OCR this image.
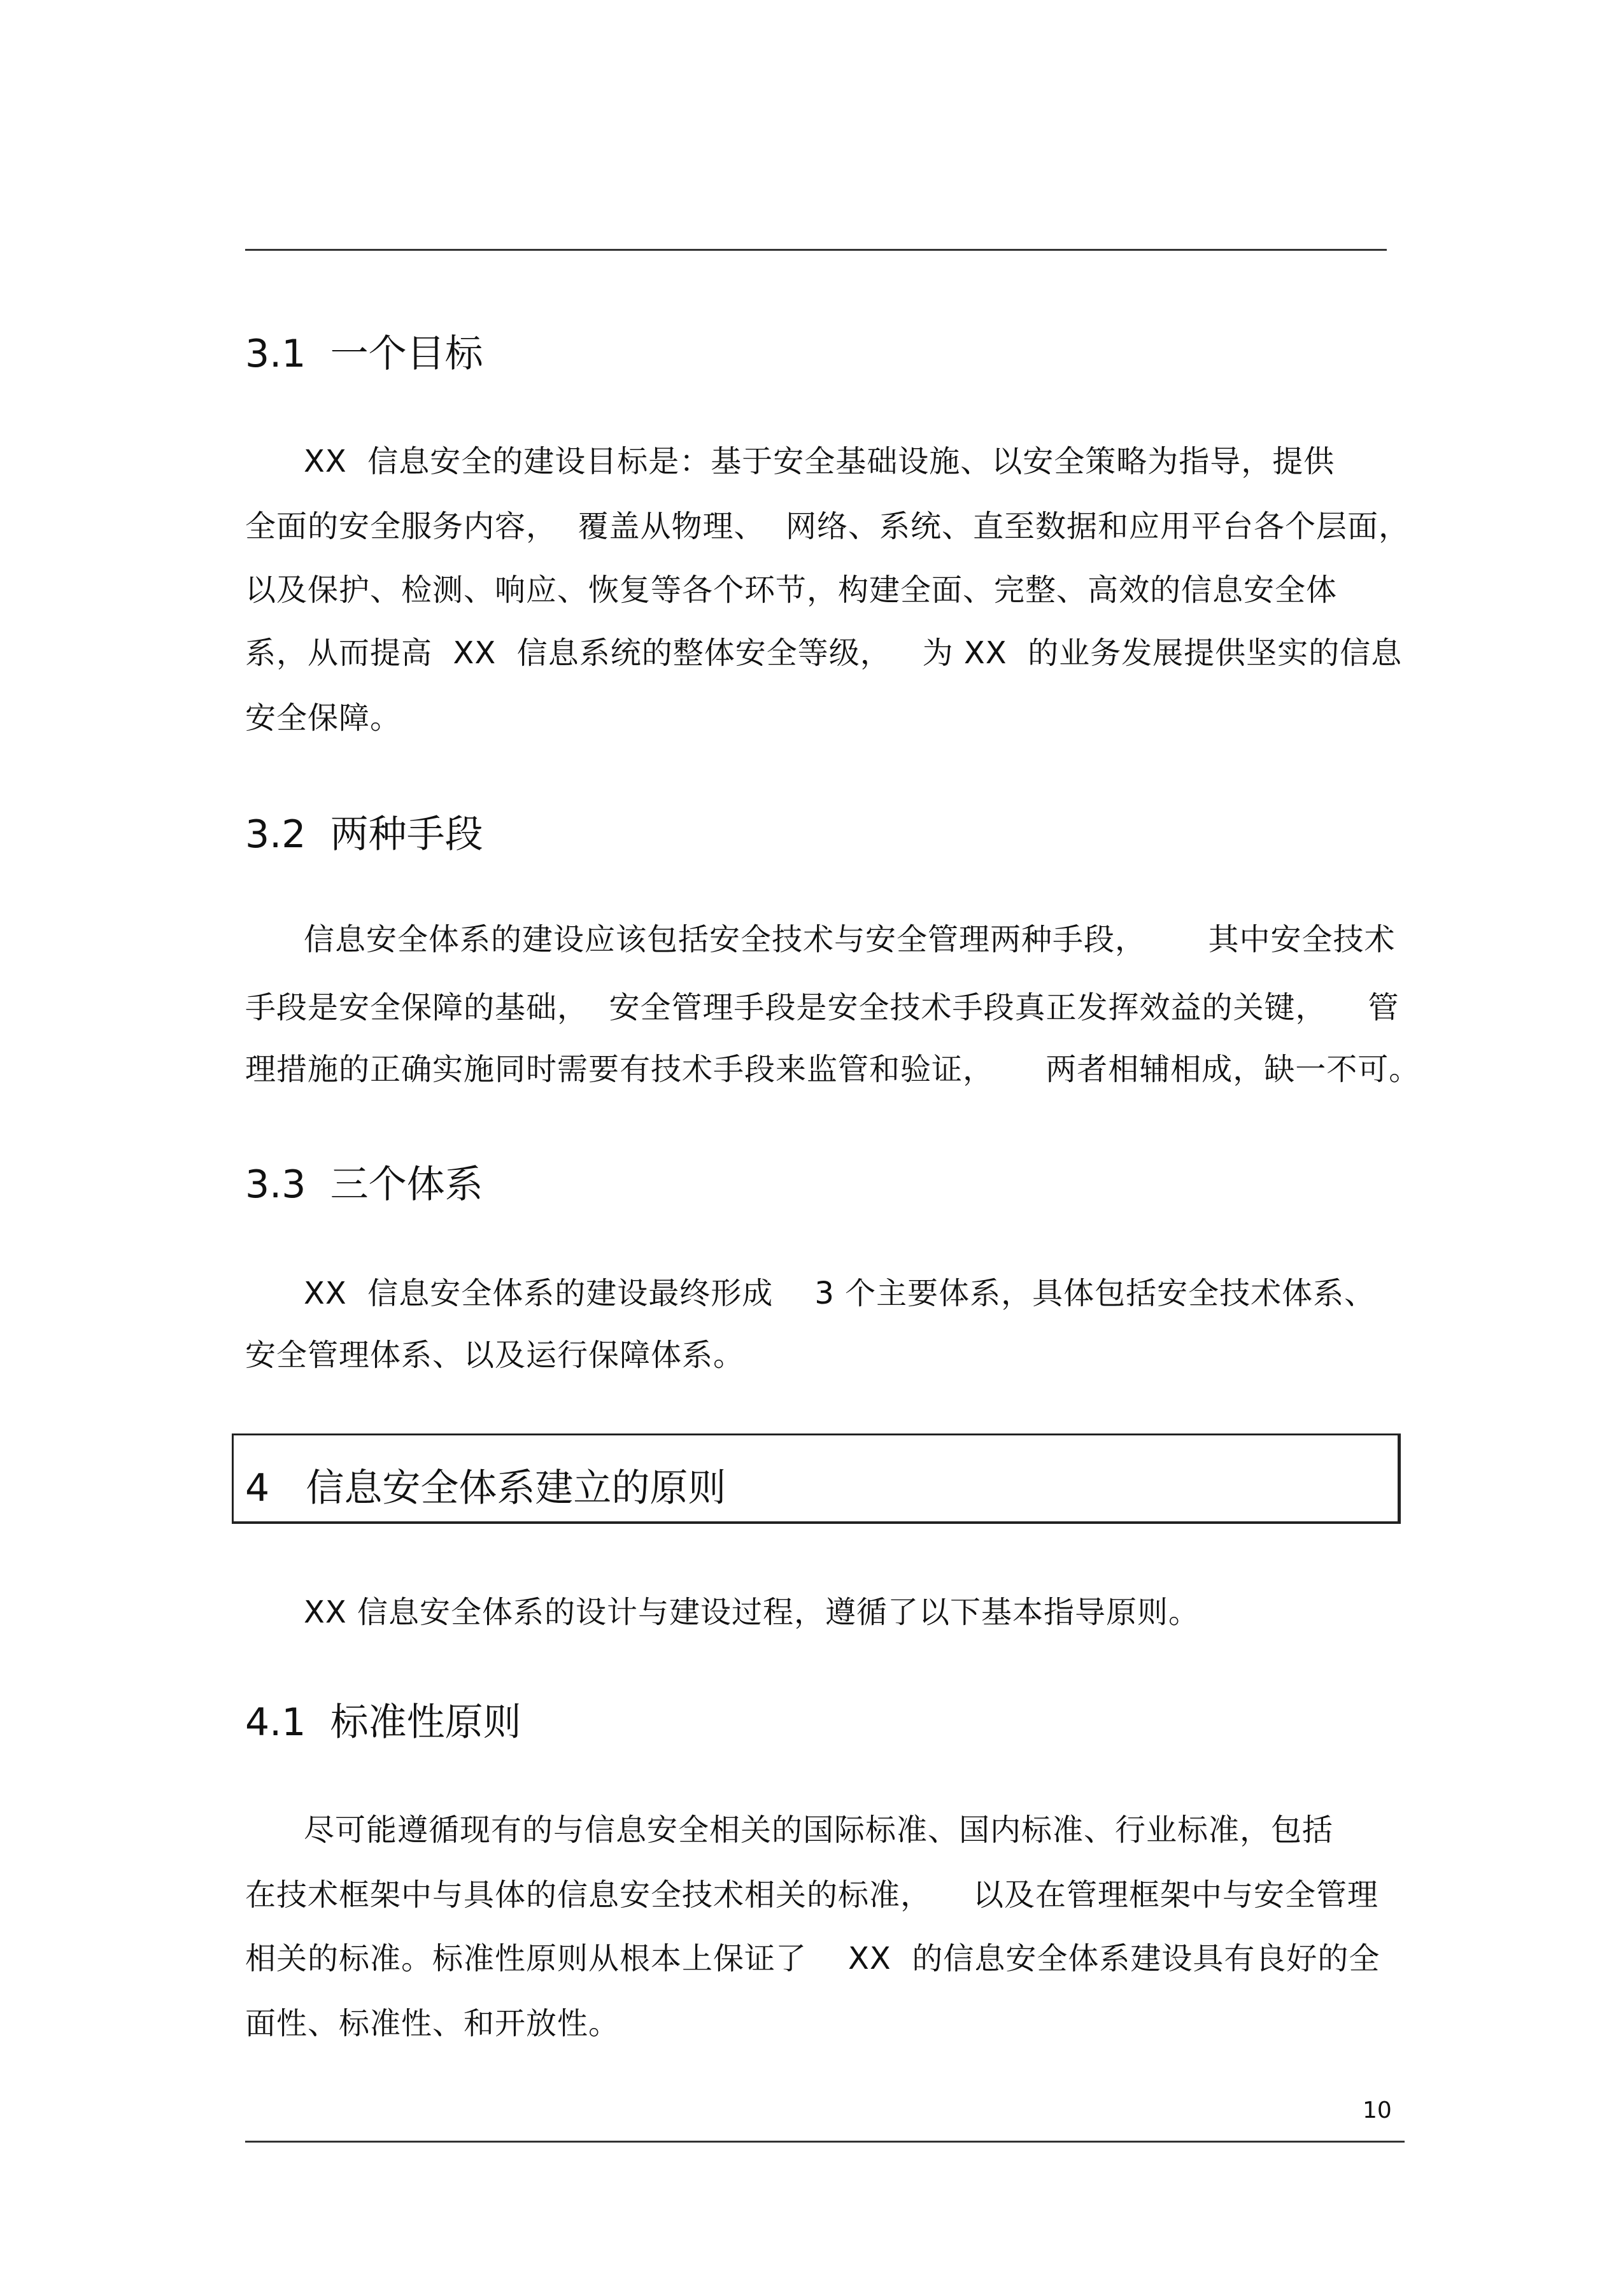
3.1  一个目标
XX  信息安全的建设目标是：基于安全基础设施、以安全策略为指导，提供
全面的安全服务内容，  覆盖从物理、  网络、系统、直至数据和应用平台各个层面，
以及保护、检测、响应、恢复等各个环节，构建全面、完整、高效的信息安全体
系，从而提高  XX  信息系统的整体安全等级，   为 XX  的业务发展提供坚实的信息
安全保障。
3.2  两种手段
信息安全体系的建设应该包括安全技术与安全管理两种手段，      其中安全技术
手段是安全保障的基础，  安全管理手段是安全技术手段真正发挥效益的关键，    管
理措施的正确实施同时需要有技术手段来监管和验证，     两者相辅相成，缺一不可。
3.3  三个体系
XX  信息安全体系的建设最终形成    3 个主要体系，具体包括安全技术体系、
安全管理体系、以及运行保障体系。
4   信息安全体系建立的原则
XX 信息安全体系的设计与建设过程，遵循了以下基本指导原则。
4.1  标准性原则
尽可能遵循现有的与信息安全相关的国际标准、国内标准、行业标准，包括
在技术框架中与具体的信息安全技术相关的标准，    以及在管理框架中与安全管理
相关的标准。标准性原则从根本上保证了    XX  的信息安全体系建设具有良好的全
面性、标准性、和开放性。
10
